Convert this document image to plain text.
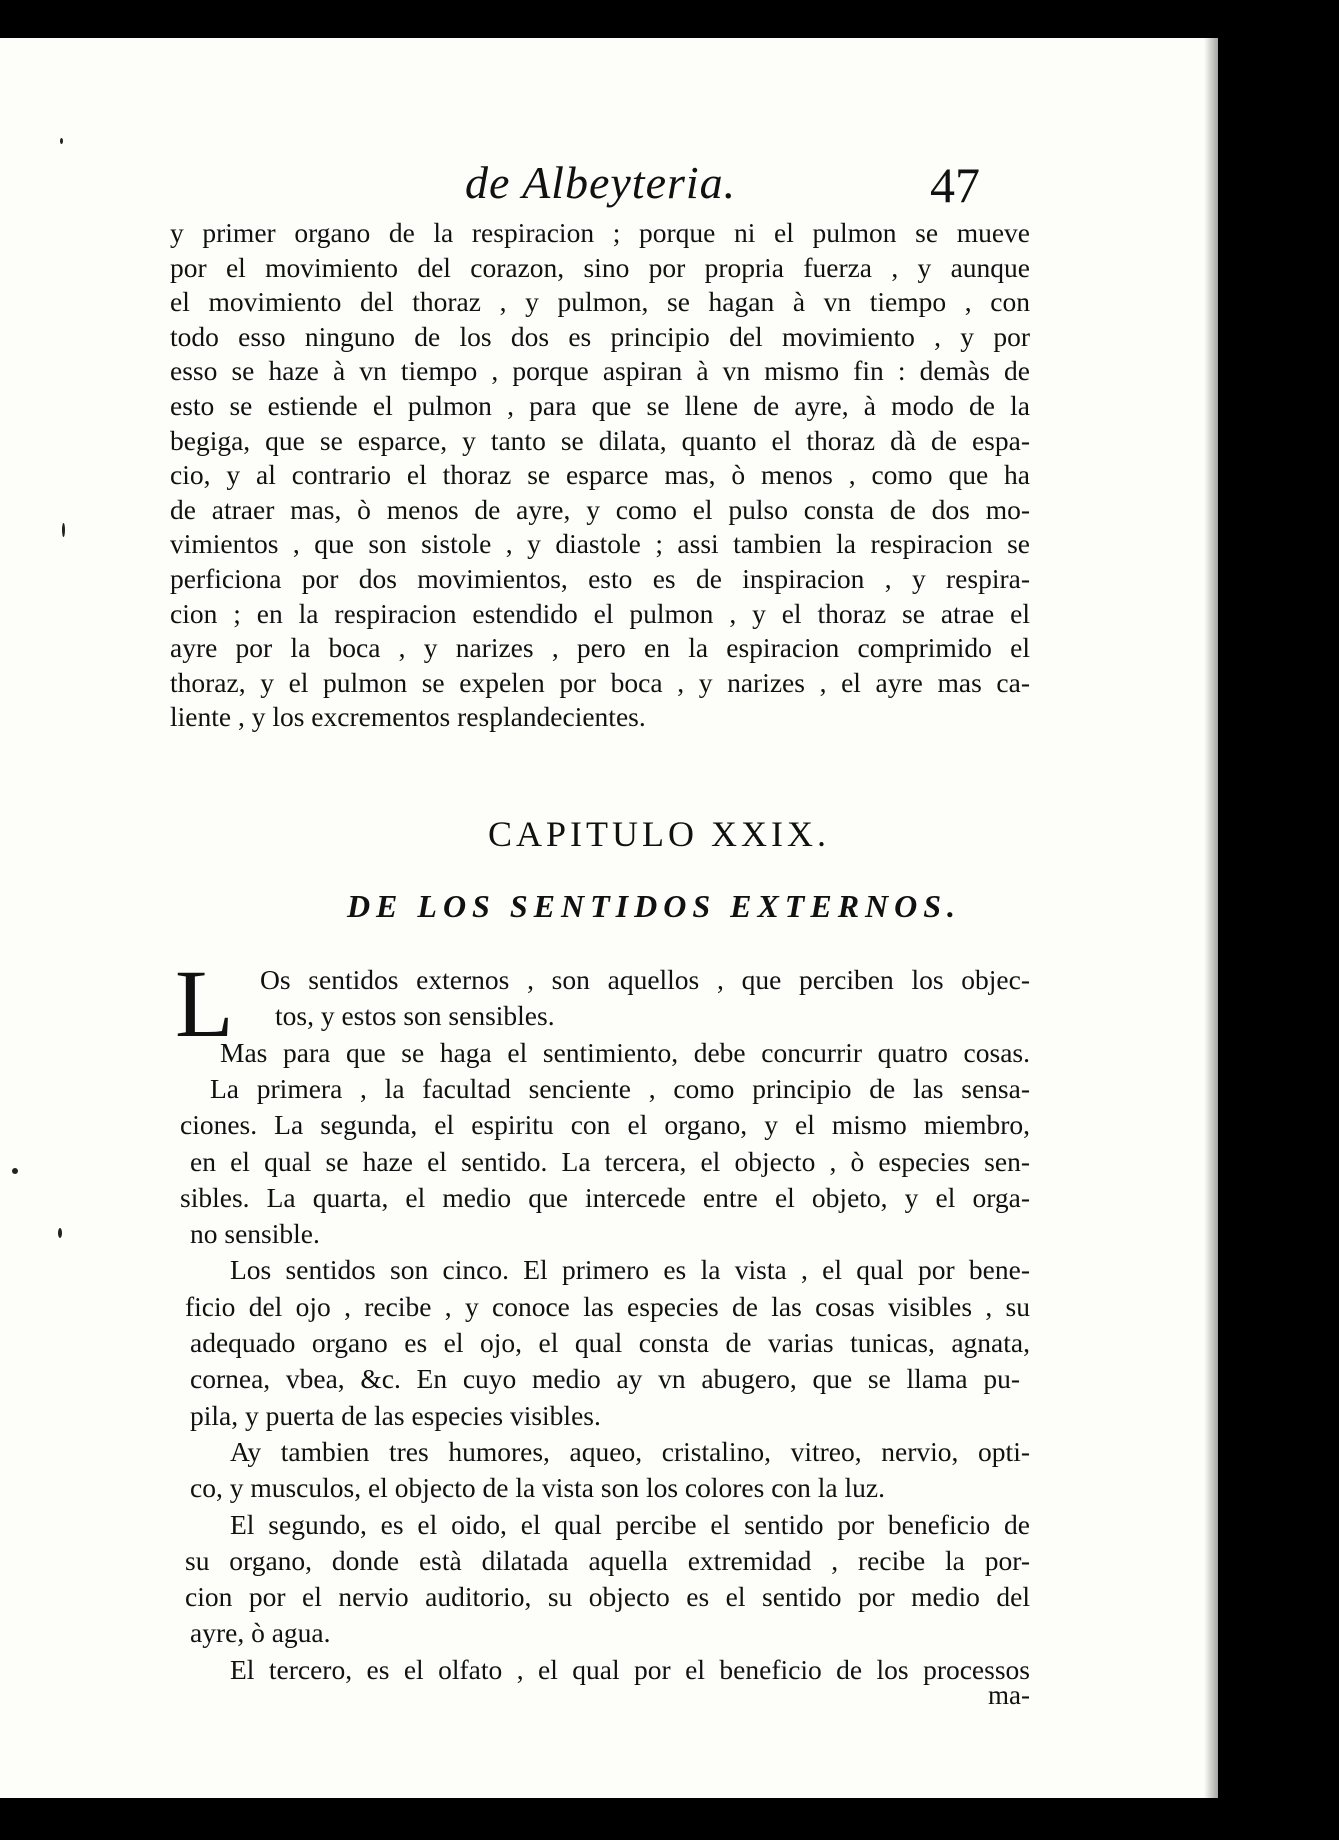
de Albeyteria.	47
y primer organo de la respiracion ; porque ni el pulmon se mueve
por el movimiento del corazon, sino por propria fuerza , y aunque
el movimiento del thoraz , y pulmon, se hagan à vn tiempo , con
todo esso ninguno de los dos es principio del movimiento , y por
esso se haze à vn tiempo , porque aspiran à vn mismo fin : demàs de
esto se estiende el pulmon , para que se llene de ayre, à modo de la
begiga, que se esparce, y tanto se dilata, quanto el thoraz dà de espa-
cio, y al contrario el thoraz se esparce mas, ò menos , como que ha
de atraer mas, ò menos de ayre, y como el pulso consta de dos mo-
vimientos , que son sistole , y diastole ; assi tambien la respiracion se
perficiona por dos movimientos, esto es de inspiracion , y respira-
cion ; en la respiracion estendido el pulmon , y el thoraz se atrae el
ayre por la boca , y narizes , pero en la espiracion comprimido el
thoraz, y el pulmon se expelen por boca , y narizes , el ayre mas ca-
liente , y los excrementos resplandecientes.
CAPITULO XXIX.
DE LOS SENTIDOS EXTERNOS.
L Os sentidos externos , son aquellos , que perciben los objec-
tos, y estos son sensibles.
Mas para que se haga el sentimiento, debe concurrir quatro cosas.
La primera , la facultad senciente , como principio de las sensa-
ciones. La segunda, el espiritu con el organo, y el mismo miembro,
en el qual se haze el sentido. La tercera, el objecto , ò especies sen-
sibles. La quarta, el medio que intercede entre el objeto, y el orga-
no sensible.
Los sentidos son cinco. El primero es la vista , el qual por bene-
ficio del ojo , recibe , y conoce las especies de las cosas visibles , su
adequado organo es el ojo, el qual consta de varias tunicas, agnata,
cornea, vbea, &c. En cuyo medio ay vn abugero, que se llama pu-
pila, y puerta de las especies visibles.
Ay tambien tres humores, aqueo, cristalino, vitreo, nervio, opti-
co, y musculos, el objecto de la vista son los colores con la luz.
El segundo, es el oido, el qual percibe el sentido por beneficio de
su organo, donde està dilatada aquella extremidad , recibe la por-
cion por el nervio auditorio, su objecto es el sentido por medio del
ayre, ò agua.
El tercero, es el olfato , el qual por el beneficio de los processos
ma-
